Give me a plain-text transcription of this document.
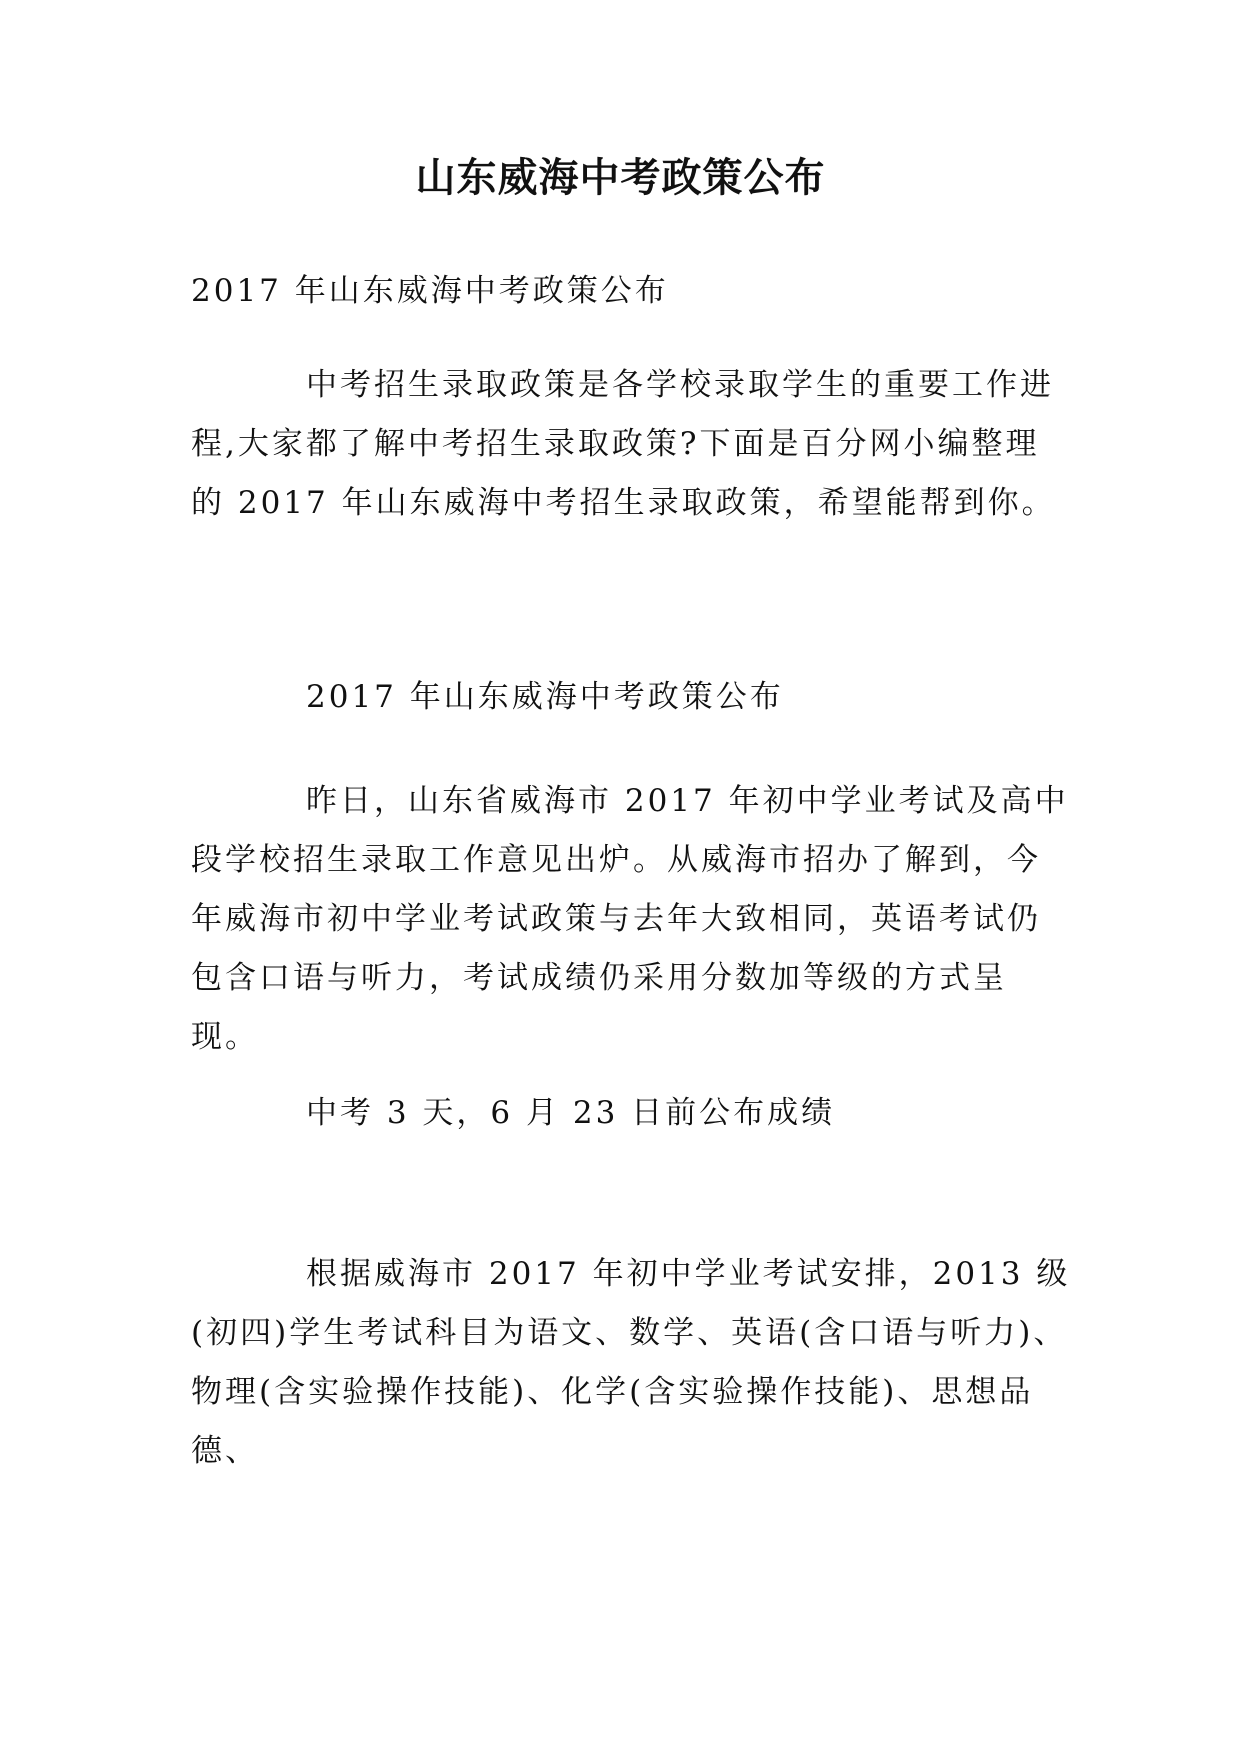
山东威海中考政策公布

2017 年山东威海中考政策公布

中考招生录取政策是各学校录取学生的重要工作进程,大家都了解中考招生录取政策?下面是百分网小编整理的 2017 年山东威海中考招生录取政策，希望能帮到你。

2017 年山东威海中考政策公布

昨日，山东省威海市 2017 年初中学业考试及高中段学校招生录取工作意见出炉。从威海市招办了解到，今年威海市初中学业考试政策与去年大致相同，英语考试仍包含口语与听力，考试成绩仍采用分数加等级的方式呈现。

中考 3 天，6 月 23 日前公布成绩

根据威海市 2017 年初中学业考试安排，2013 级(初四)学生考试科目为语文、数学、英语(含口语与听力)、物理(含实验操作技能)、化学(含实验操作技能)、思想品德、
